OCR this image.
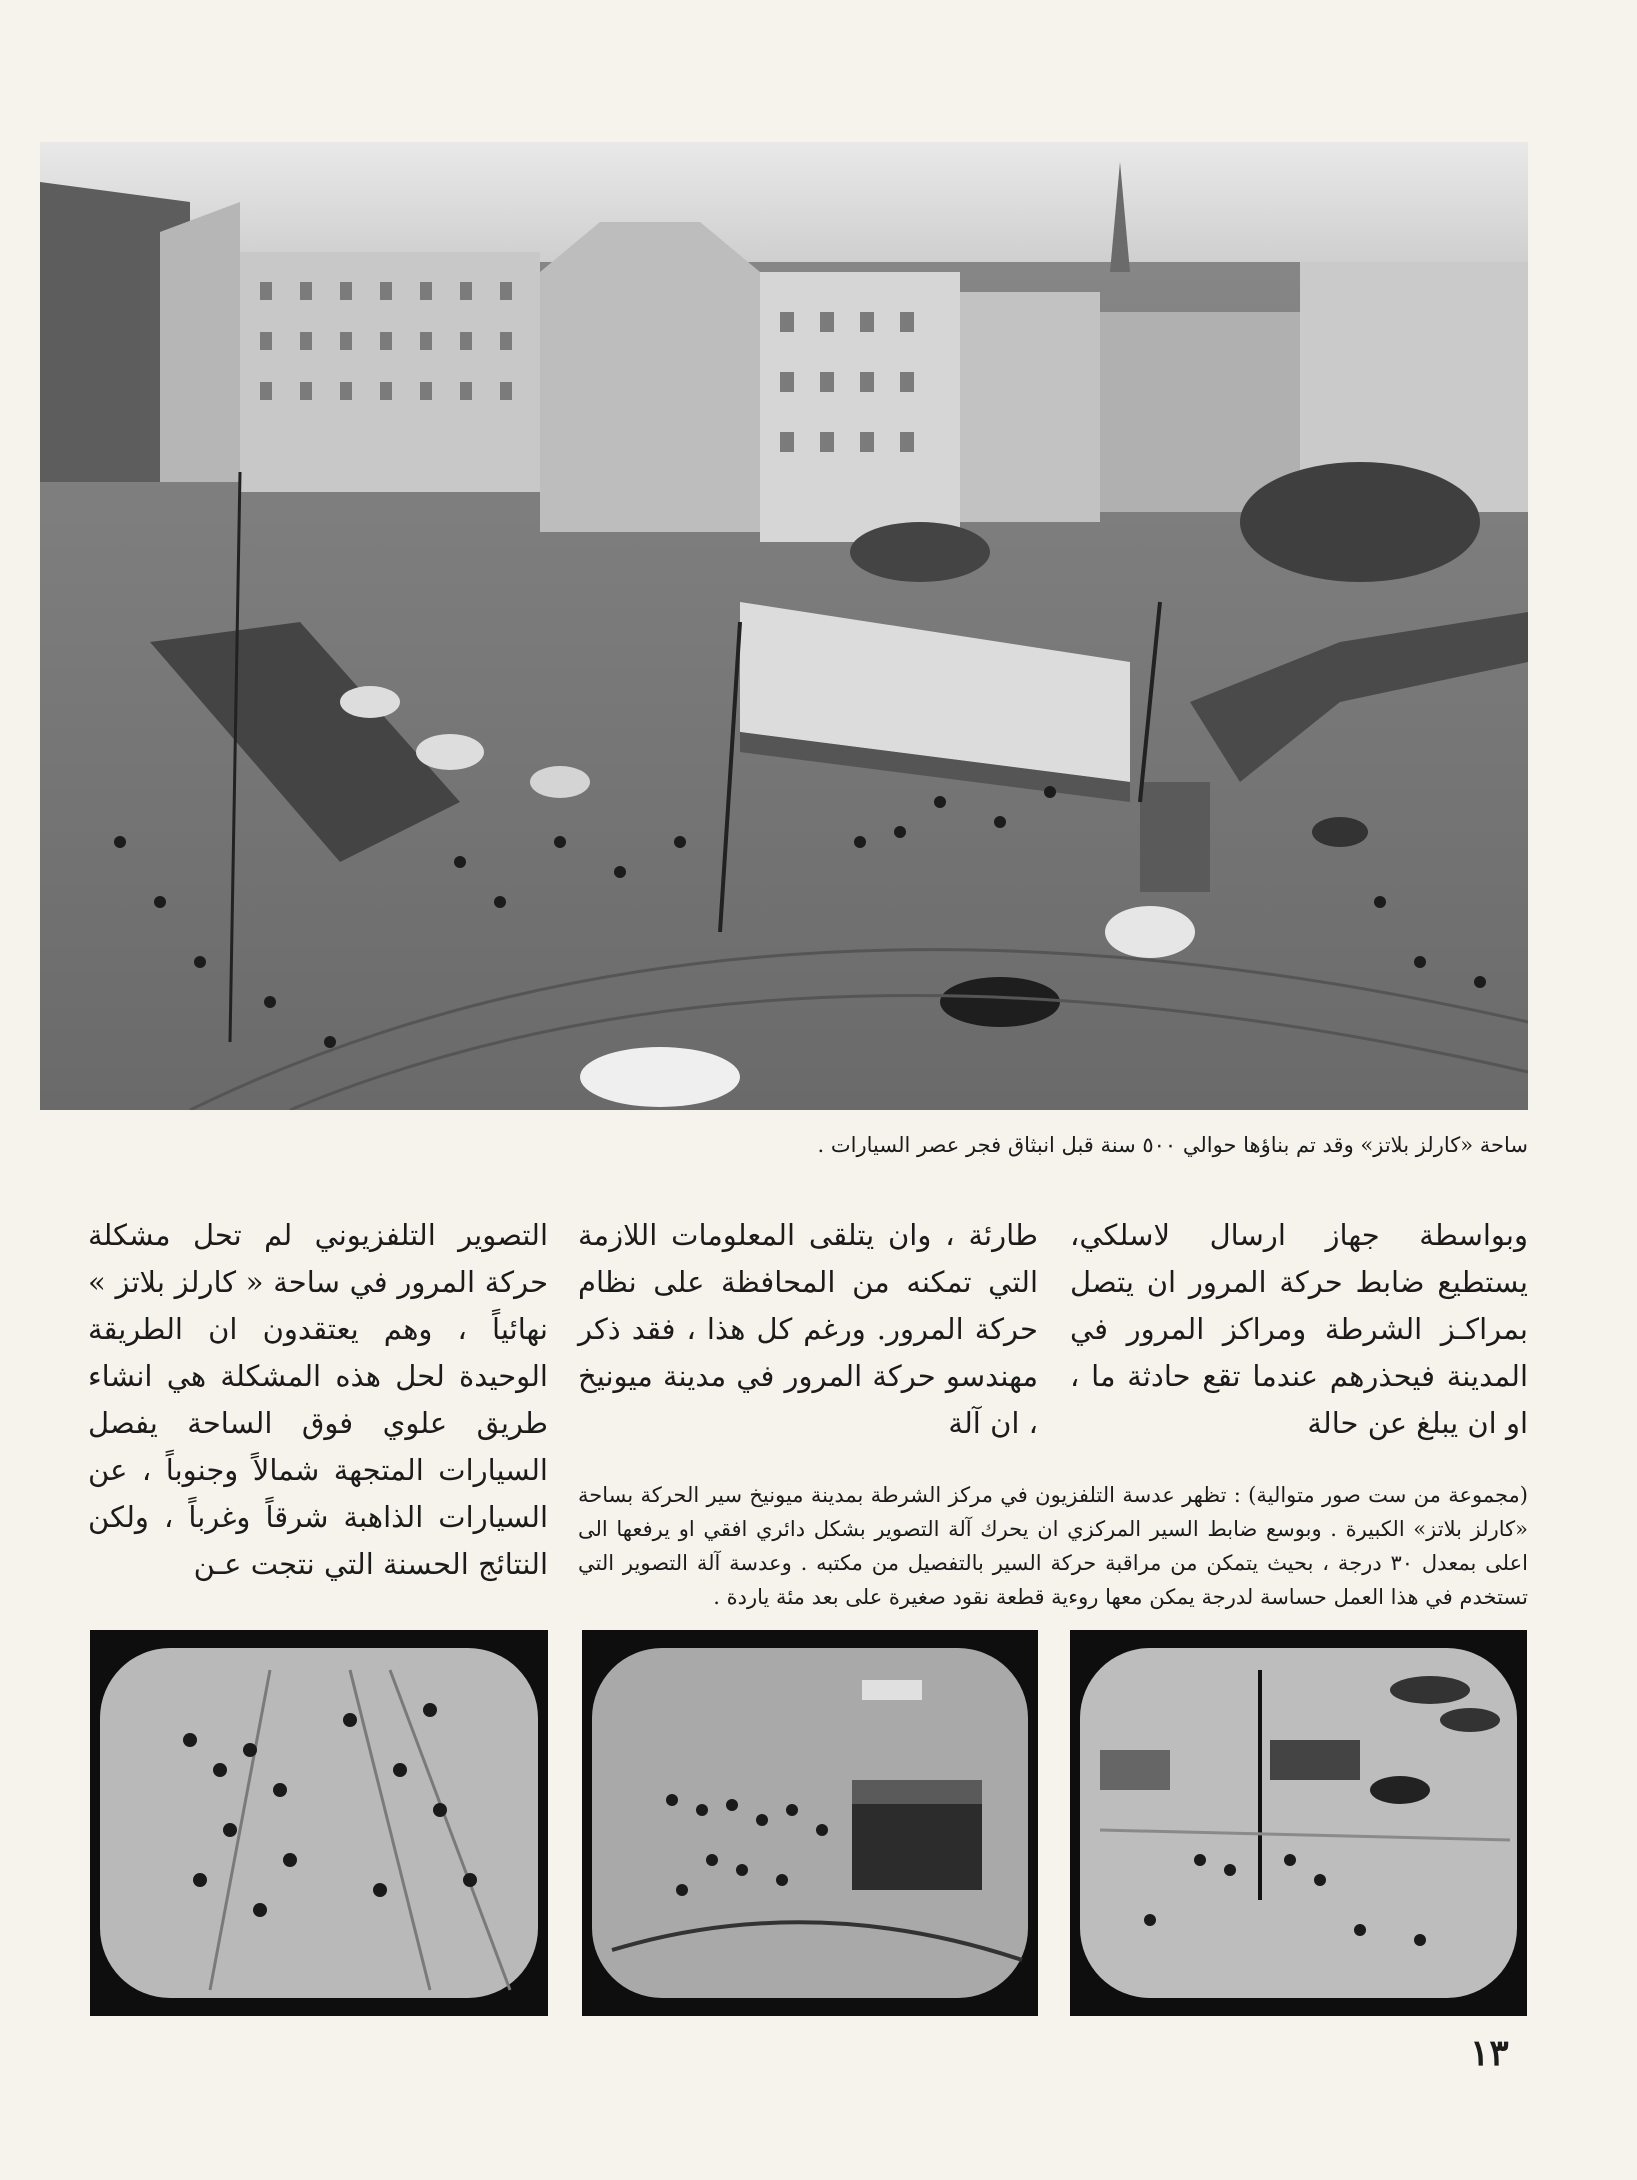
ساحة «كارلز بلاتز» وقد تم بناؤها حوالي ٥٠٠ سنة قبل انبثاق فجر عصر السيارات .

وبواسطة جهاز ارسال لاسلكي، يستطيع ضابط حركة المرور ان يتصل بمراكـز الشرطة ومراكز المرور في المدينة فيحذرهم عندما تقع حادثة ما ، او ان يبلغ عن حالة

طارئة ، وان يتلقى المعلومات اللازمة التي تمكنه من المحافظة على نظام حركة المرور. ورغم كل هذا ، فقد ذكر مهندسو حركة المرور في مدينة ميونيخ ، ان آلة

التصوير التلفزيوني لم تحل مشكلة حركة المرور في ساحة « كارلز بلاتز » نهائياً ، وهم يعتقدون ان الطريقة الوحيدة لحل هذه المشكلة هي انشاء طريق علوي فوق الساحة يفصل السيارات المتجهة شمالاً وجنوباً ، عن السيارات الذاهبة شرقاً وغرباً ، ولكن النتائج الحسنة التي نتجت عـن

(مجموعة من ست صور متوالية) : تظهر عدسة التلفزيون في مركز الشرطة بمدينة ميونيخ سير الحركة بساحة «كارلز بلاتز» الكبيرة . وبوسع ضابط السير المركزي ان يحرك آلة التصوير بشكل دائري افقي او يرفعها الى اعلى بمعدل ٣٠ درجة ، بحيث يتمكن من مراقبة حركة السير بالتفصيل من مكتبه . وعدسة آلة التصوير التي تستخدم في هذا العمل حساسة لدرجة يمكن معها روءية قطعة نقود صغيرة على بعد مئة ياردة .

١٣
